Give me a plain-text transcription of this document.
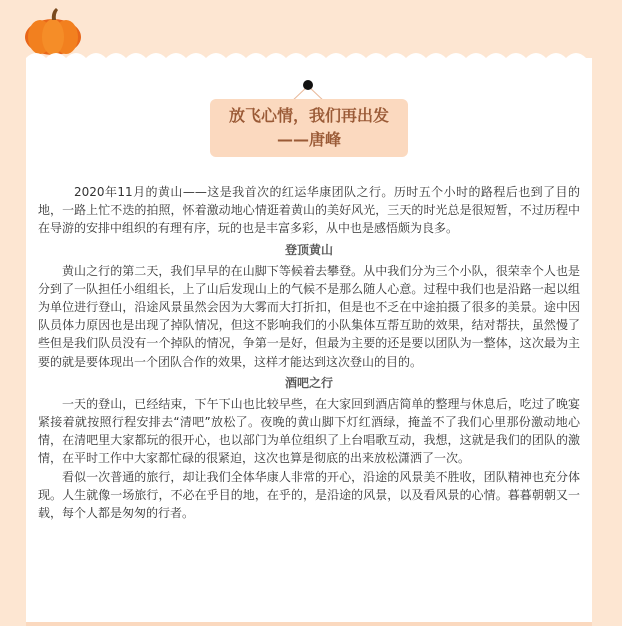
放飞心情，我们再出发
——唐峰

2020年11月的黄山——这是我首次的红运华康团队之行。历时五个小时的路程后也到了目的地，一路上忙不迭的拍照，怀着激动地心情逛着黄山的美好风光，三天的时光总是很短暂，不过历程中在导游的安排中组织的有理有序，玩的也是丰富多彩，从中也是感悟颇为良多。

登顶黄山

黄山之行的第二天，我们早早的在山脚下等候着去攀登。从中我们分为三个小队，很荣幸个人也是分到了一队担任小组组长，上了山后发现山上的气候不是那么随人心意。过程中我们也是沿路一起以组为单位进行登山，沿途风景虽然会因为大雾而大打折扣，但是也不乏在中途拍摄了很多的美景。途中因队员体力原因也是出现了掉队情况，但这不影响我们的小队集体互帮互助的效果，结对帮扶，虽然慢了些但是我们队员没有一个掉队的情况，争第一是好，但最为主要的还是要以团队为一整体，这次最为主要的就是要体现出一个团队合作的效果，这样才能达到这次登山的目的。

酒吧之行

一天的登山，已经结束，下午下山也比较早些，在大家回到酒店简单的整理与休息后，吃过了晚宴紧接着就按照行程安排去“清吧”放松了。夜晚的黄山脚下灯红酒绿，掩盖不了我们心里那份激动地心情，在清吧里大家都玩的很开心，也以部门为单位组织了上台唱歌互动，我想，这就是我们的团队的激情，在平时工作中大家都忙碌的很紧迫，这次也算是彻底的出来放松潇洒了一次。

看似一次普通的旅行，却让我们全体华康人非常的开心，沿途的风景美不胜收，团队精神也充分体现。人生就像一场旅行，不必在乎目的地，在乎的，是沿途的风景，以及看风景的心情。暮暮朝朝又一载，每个人都是匆匆的行者。
